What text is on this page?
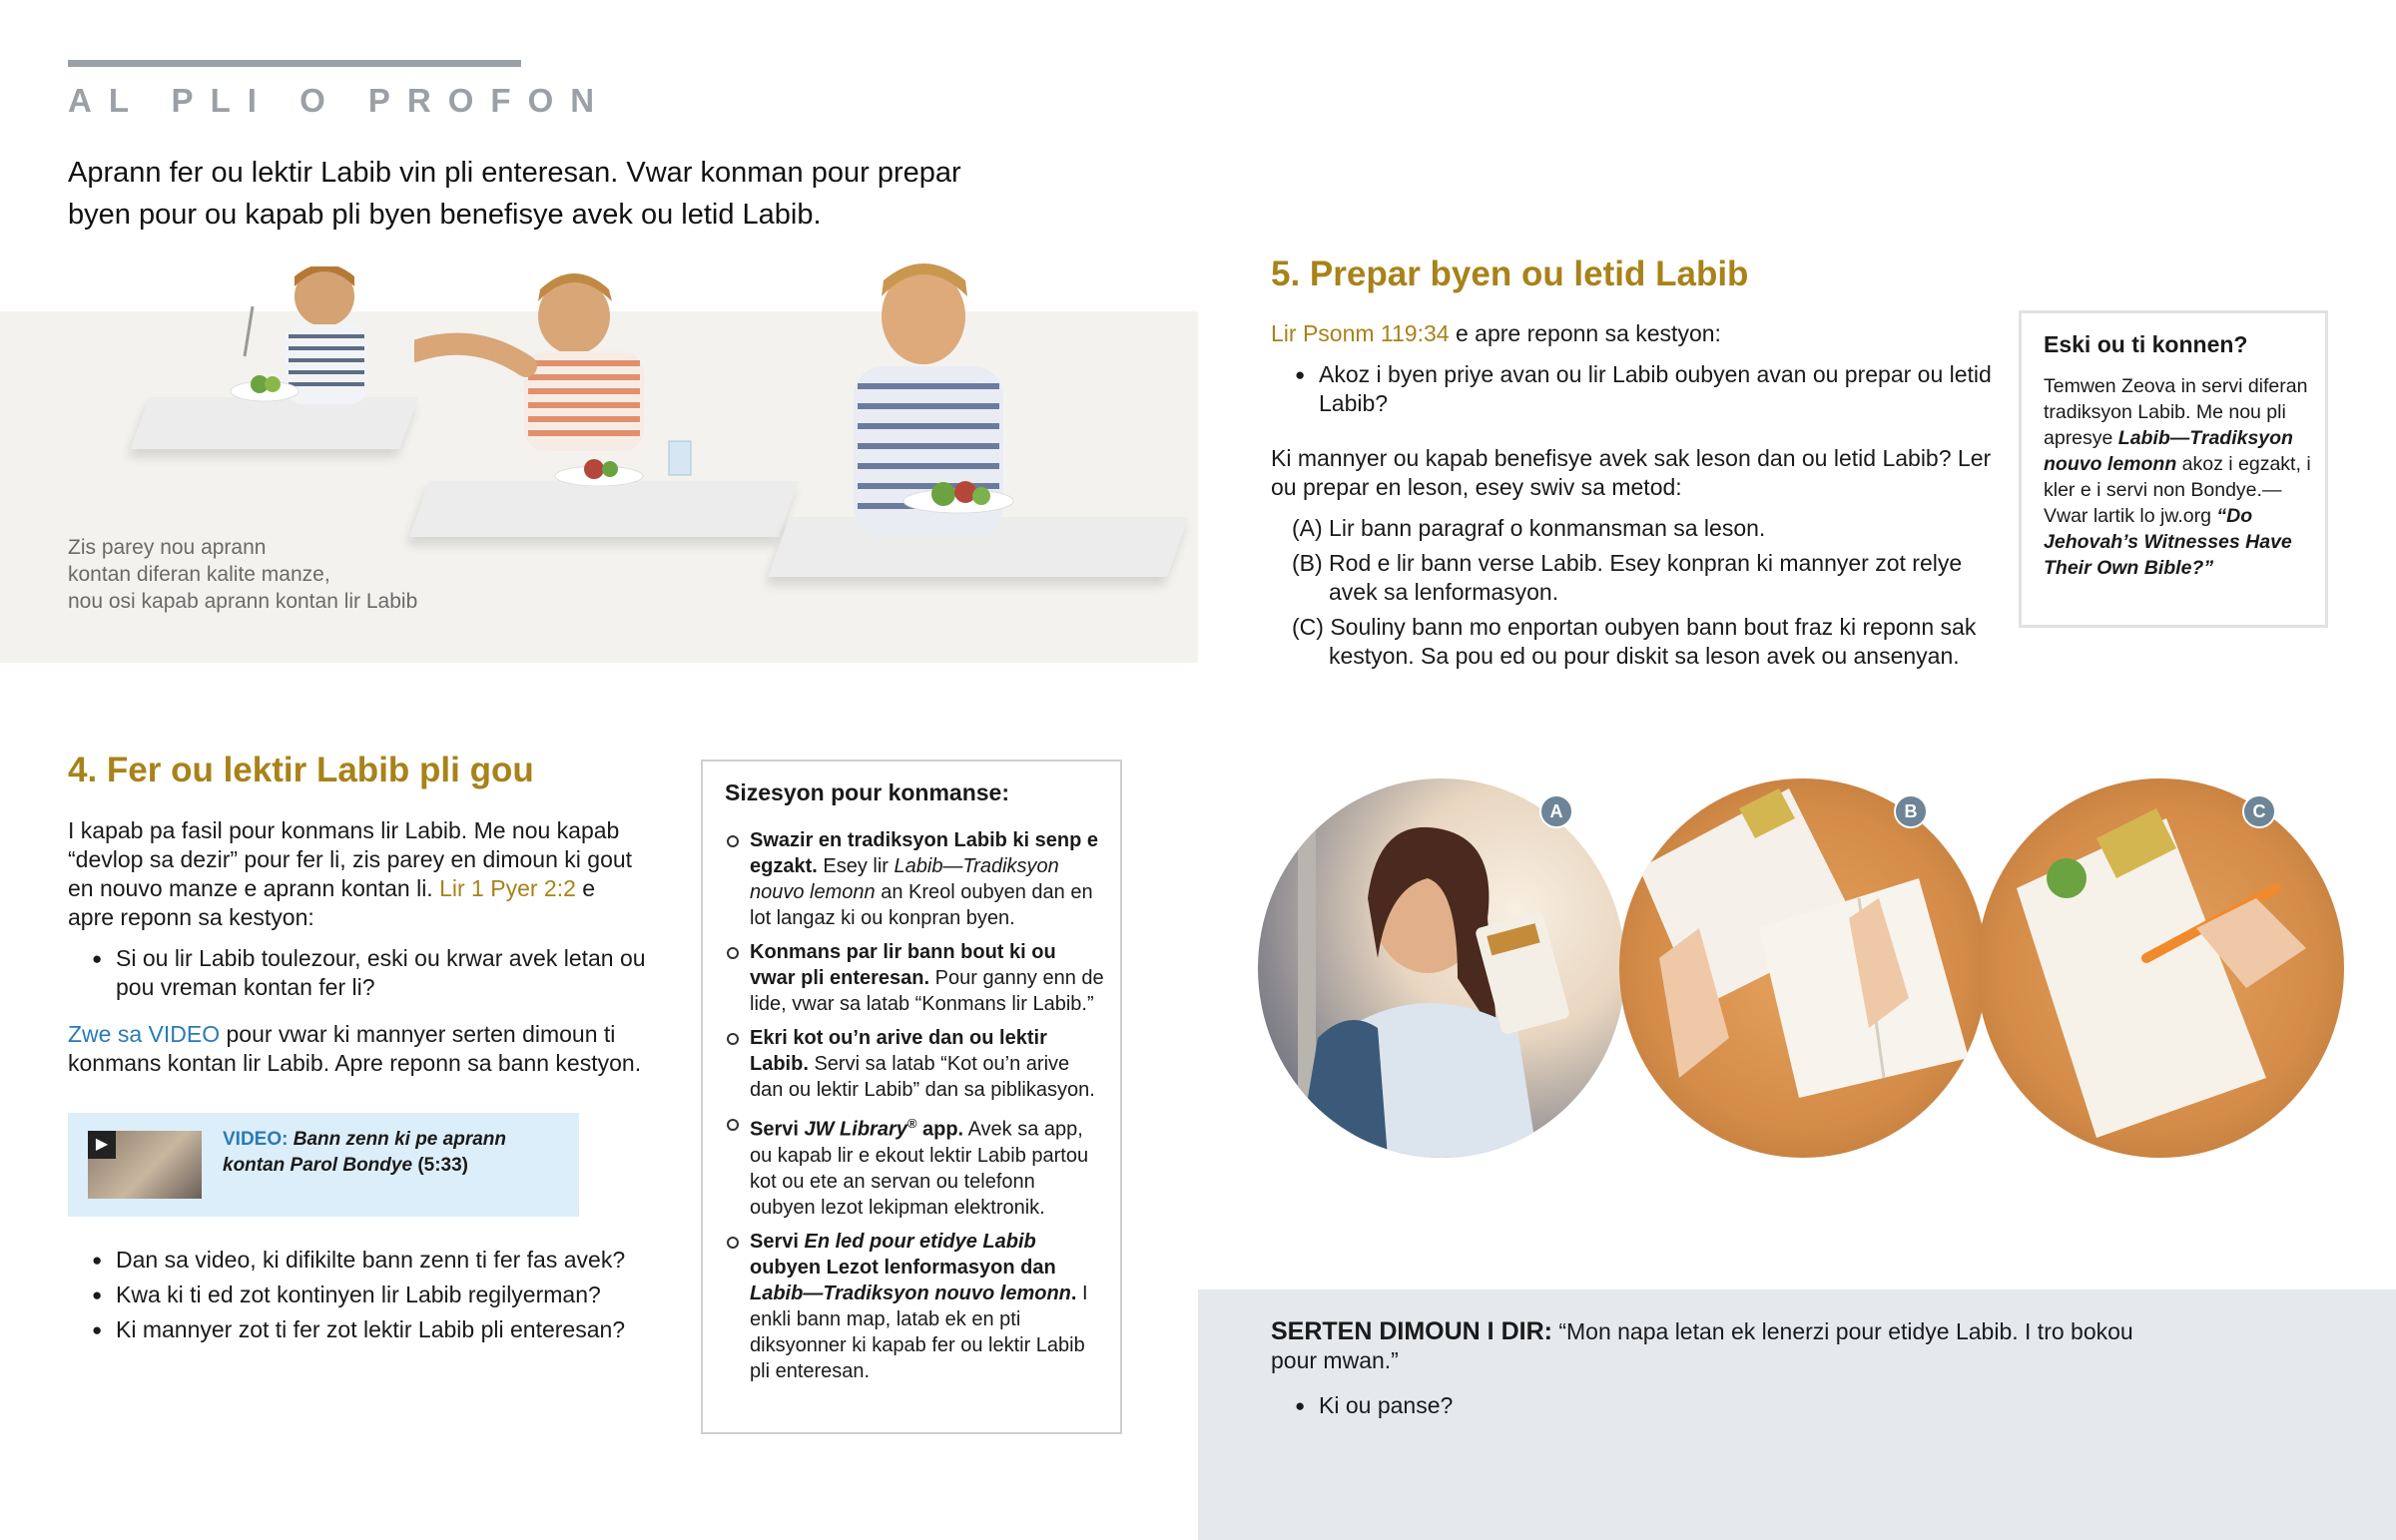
AL PLI O PROFON
Aprann fer ou lektir Labib vin pli enteresan. Vwar konman pour prepar byen pour ou kapab pli byen benefisye avek ou letid Labib.
Zis parey nou aprann
kontan diferan kalite manze,
nou osi kapab aprann kontan lir Labib
4. Fer ou lektir Labib pli gou

I kapab pa fasil pour konmans lir Labib. Me nou kapab “devlop sa dezir” pour fer li, zis parey en dimoun ki gout en nouvo manze e aprann kontan li. Lir 1 Pyer 2:2 e apre reponn sa kestyon:

● Si ou lir Labib toulezour, eski ou krwar avek letan ou pou vreman kontan fer li?

Zwe sa VIDEO pour vwar ki mannyer serten dimoun ti konmans kontan lir Labib. Apre reponn sa bann kestyon.

▶	VIDEO: Bann zenn ki pe aprann kontan Parol Bondye (5:33)
● Dan sa video, ki difikilte bann zenn ti fer fas avek?
● Kwa ki ti ed zot kontinyen lir Labib regilyerman?
● Ki mannyer zot ti fer zot lektir Labib pli enteresan?
Sizesyon pour konmanse:
Swazir en tradiksyon Labib ki senp e egzakt. Esey lir Labib—Tradiksyon nouvo lemonn an Kreol oubyen dan en lot langaz ki ou konpran byen.
Konmans par lir bann bout ki ou vwar pli enteresan. Pour ganny enn de lide, vwar sa latab “Konmans lir Labib.”
Ekri kot ou’n arive dan ou lektir Labib. Servi sa latab “Kot ou’n arive dan ou lektir Labib” dan sa piblikasyon.
Servi JW Library® app. Avek sa app, ou kapab lir e ekout lektir Labib partou kot ou ete an servan ou telefonn oubyen lezot lekipman elektronik.
Servi En led pour etidye Labib oubyen Lezot lenformasyon dan Labib—Tradiksyon nouvo lemonn. I enkli bann map, latab ek en pti diksyonner ki kapab fer ou lektir Labib pli enteresan.
5. Prepar byen ou letid Labib

Lir Psonm 119:34 e apre reponn sa kestyon:

● Akoz i byen priye avan ou lir Labib oubyen avan ou prepar ou letid Labib?

Ki mannyer ou kapab benefisye avek sak leson dan ou letid Labib? Ler ou prepar en leson, esey swiv sa metod:

(A) Lir bann paragraf o konmansman sa leson.
(B) Rod e lir bann verse Labib. Esey konpran ki mannyer zot relye avek sa lenformasyon.
(C) Souliny bann mo enportan oubyen bann bout fraz ki reponn sak kestyon. Sa pou ed ou pour diskit sa leson avek ou ansenyan.
Eski ou ti konnen?
Temwen Zeova in servi diferan tradiksyon Labib. Me nou pli apresye Labib—Tradiksyon nouvo lemonn akoz i egzakt, i kler e i servi non Bondye.—Vwar lartik lo jw.org “Do Jehovah’s Witnesses Have Their Own Bible?”
A	B	C
SERTEN DIMOUN I DIR: “Mon napa letan ek lenerzi pour etidye Labib. I tro bokou pour mwan.”
● Ki ou panse?
